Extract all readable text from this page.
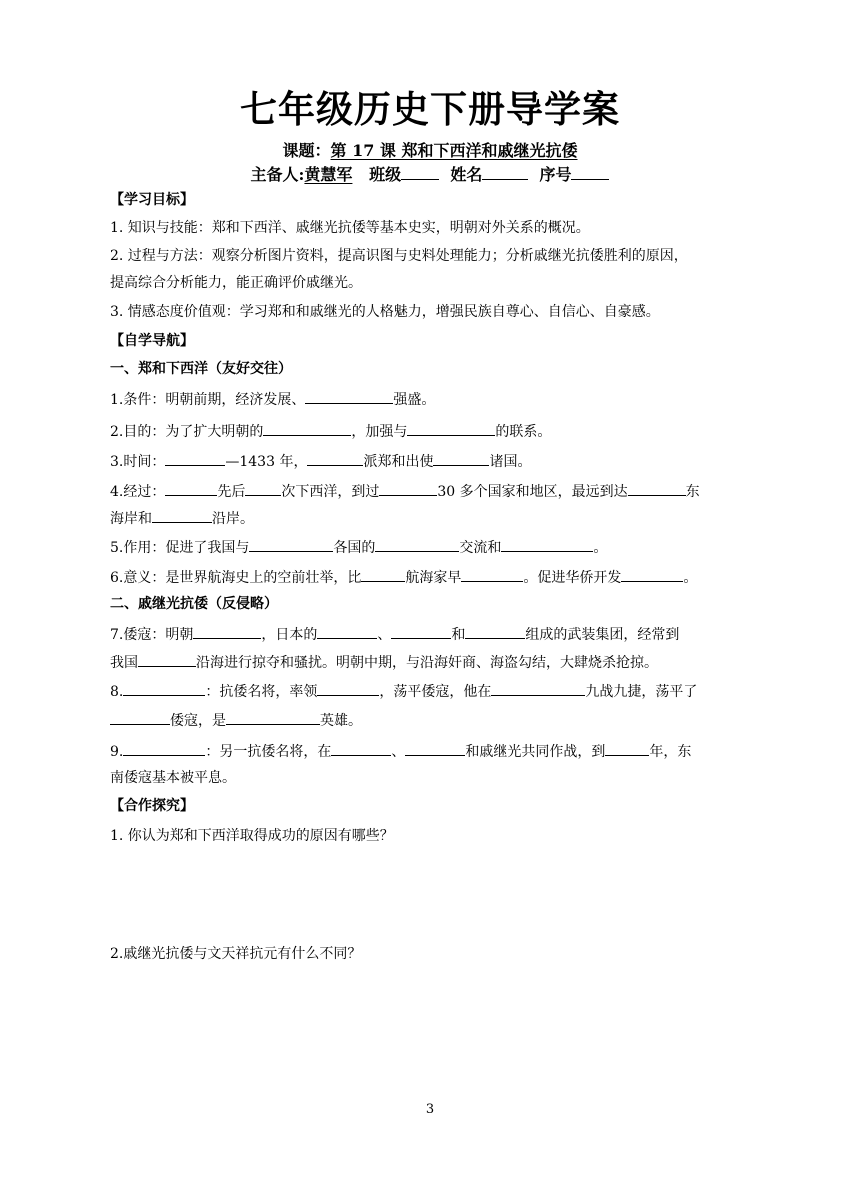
七年级历史下册导学案
课题：第 17 课 郑和下西洋和戚继光抗倭
主备人:黄慧军 班级	姓名	序号
【学习目标】
1. 知识与技能：郑和下西洋、戚继光抗倭等基本史实，明朝对外关系的概况。
2. 过程与方法：观察分析图片资料，提高识图与史料处理能力；分析戚继光抗倭胜利的原因，
提高综合分析能力，能正确评价戚继光。
3. 情感态度价值观：学习郑和和戚继光的人格魅力，增强民族自尊心、自信心、自豪感。
【自学导航】
一、郑和下西洋（友好交往）
1.条件：明朝前期，经济发展、	强盛。
2.目的：为了扩大明朝的	，加强与	的联系。
3.时间：	—1433 年，	派郑和出使	诸国。
4.经过：	先后	次下西洋，到过	30 多个国家和地区，最远到达	东
海岸和	沿岸。
5.作用：促进了我国与	各国的	交流和	。
6.意义：是世界航海史上的空前壮举，比	航海家早	。促进华侨开发	。
二、戚继光抗倭（反侵略）
7.倭寇：明朝	，日本的	、	和	组成的武装集团，经常到
我国	沿海进行掠夺和骚扰。明朝中期，与沿海奸商、海盗勾结，大肆烧杀抢掠。
8.	：抗倭名将，率领	，荡平倭寇，他在	九战九捷，荡平了
倭寇，是	英雄。
9.	：另一抗倭名将，在	、	和戚继光共同作战，到	年，东
南倭寇基本被平息。
【合作探究】
1. 你认为郑和下西洋取得成功的原因有哪些？
2.戚继光抗倭与文天祥抗元有什么不同？
3
